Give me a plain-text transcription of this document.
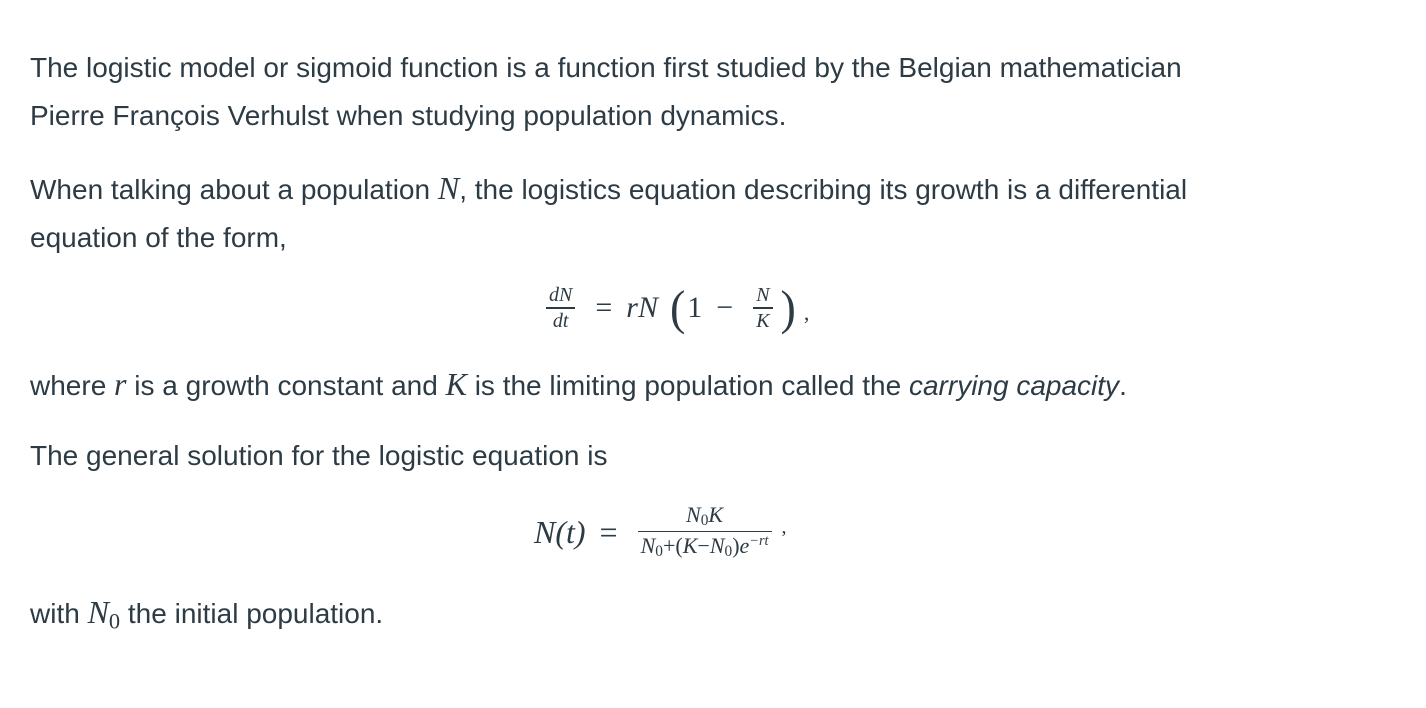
The logistic model or sigmoid function is a function first studied by the Belgian mathematician
Pierre François Verhulst when studying population dynamics.

When talking about a population N, the logistics equation describing its growth is a differential
equation of the form,

where r is a growth constant and K is the limiting population called the carrying capacity.

The general solution for the logistic equation is

with $N_0$ the initial population.

$\frac{dN}{dt}$ = rN ( $1 - \frac{N}{K}$ ) ,
$N(t) = \frac{N0K}{N0+(K-N0)e^{-rt}}$ ,
